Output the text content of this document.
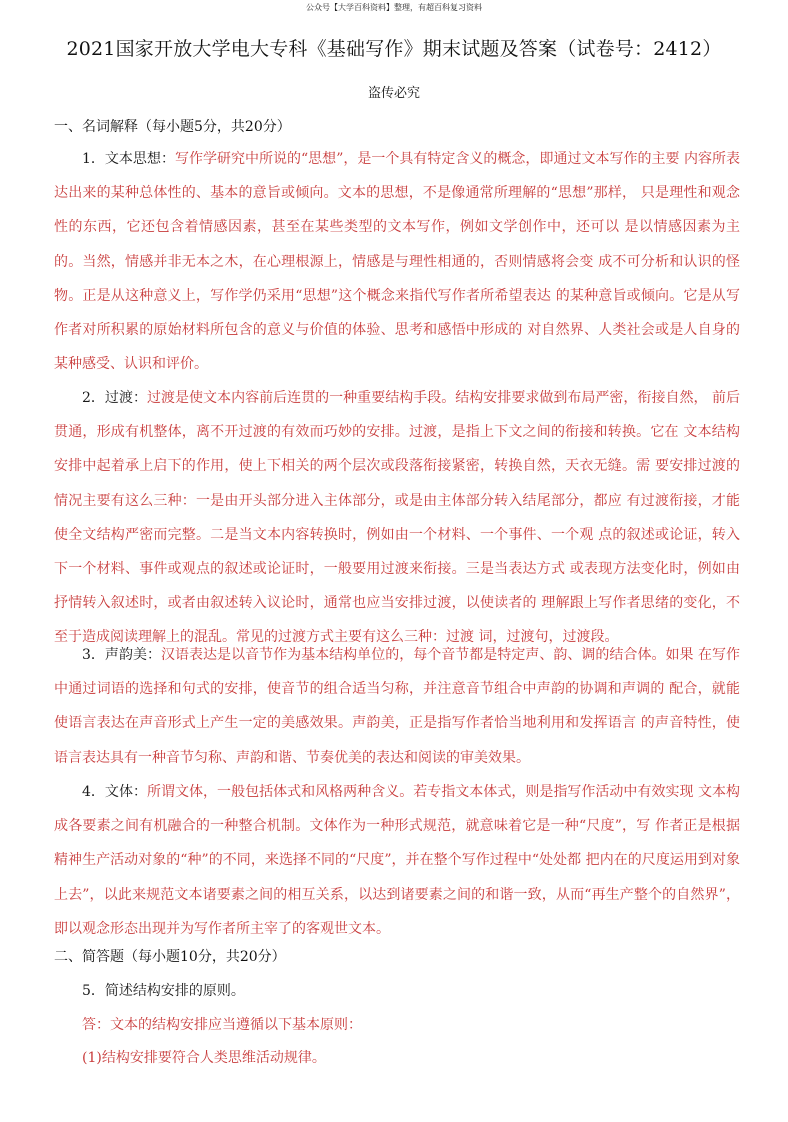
公众号【大学百科资料】整理，有超百科复习资料
2021国家开放大学电大专科《基础写作》期末试题及答案（试卷号：2412）
盗传必究
一、名词解释（每小题5分，共20分）
1．文本思想：写作学研究中所说的“思想”，是一个具有特定含义的概念，即通过文本写作的主要 内容所表达出来的某种总体性的、基本的意旨或倾向。文本的思想，不是像通常所理解的“思想”那样， 只是理性和观念性的东西，它还包含着情感因素，甚至在某些类型的文本写作，例如文学创作中，还可以 是以情感因素为主的。当然，情感并非无本之木，在心理根源上，情感是与理性相通的，否则情感将会变 成不可分析和认识的怪物。正是从这种意义上，写作学仍采用“思想”这个概念来指代写作者所希望表达 的某种意旨或倾向。它是从写作者对所积累的原始材料所包含的意义与价值的体验、思考和感悟中形成的 对自然界、人类社会或是人自身的某种感受、认识和评价。
2．过渡：过渡是使文本内容前后连贯的一种重要结构手段。结构安排要求做到布局严密，衔接自然， 前后贯通，形成有机整体，离不开过渡的有效而巧妙的安排。过渡，是指上下文之间的衔接和转换。它在 文本结构安排中起着承上启下的作用，使上下相关的两个层次或段落衔接紧密，转换自然，天衣无缝。需 要安排过渡的情况主要有这么三种：一是由开头部分进入主体部分，或是由主体部分转入结尾部分，都应 有过渡衔接，才能使全文结构严密而完整。二是当文本内容转换时，例如由一个材料、一个事件、一个观 点的叙述或论证，转入下一个材料、事件或观点的叙述或论证时，一般要用过渡来衔接。三是当表达方式 或表现方法变化时，例如由抒情转入叙述时，或者由叙述转入议论时，通常也应当安排过渡，以使读者的 理解跟上写作者思绪的变化，不至于造成阅读理解上的混乱。常见的过渡方式主要有这么三种：过渡 词，过渡句，过渡段。
3．声韵美：汉语表达是以音节作为基本结构单位的，每个音节都是特定声、韵、调的结合体。如果 在写作中通过词语的选择和句式的安排，使音节的组合适当匀称，并注意音节组合中声韵的协调和声调的 配合，就能使语言表达在声音形式上产生一定的美感效果。声韵美，正是指写作者恰当地利用和发挥语言 的声音特性，使语言表达具有一种音节匀称、声韵和谐、节奏优美的表达和阅读的审美效果。
4．文体：所谓文体，一般包括体式和风格两种含义。若专指文本体式，则是指写作活动中有效实现 文本构成各要素之间有机融合的一种整合机制。文体作为一种形式规范，就意味着它是一种“尺度”，写 作者正是根据精神生产活动对象的“种”的不同，来选择不同的“尺度”，并在整个写作过程中“处处都 把内在的尺度运用到对象上去”，以此来规范文本诸要素之间的相互关系，以达到诸要素之间的和谐一致，从而“再生产整个的自然界”，即以观念形态出现并为写作者所主宰了的客观世文本。
二、简答题（每小题10分，共20分）
5．简述结构安排的原则。
答：文本的结构安排应当遵循以下基本原则：
(1)结构安排要符合人类思维活动规律。
